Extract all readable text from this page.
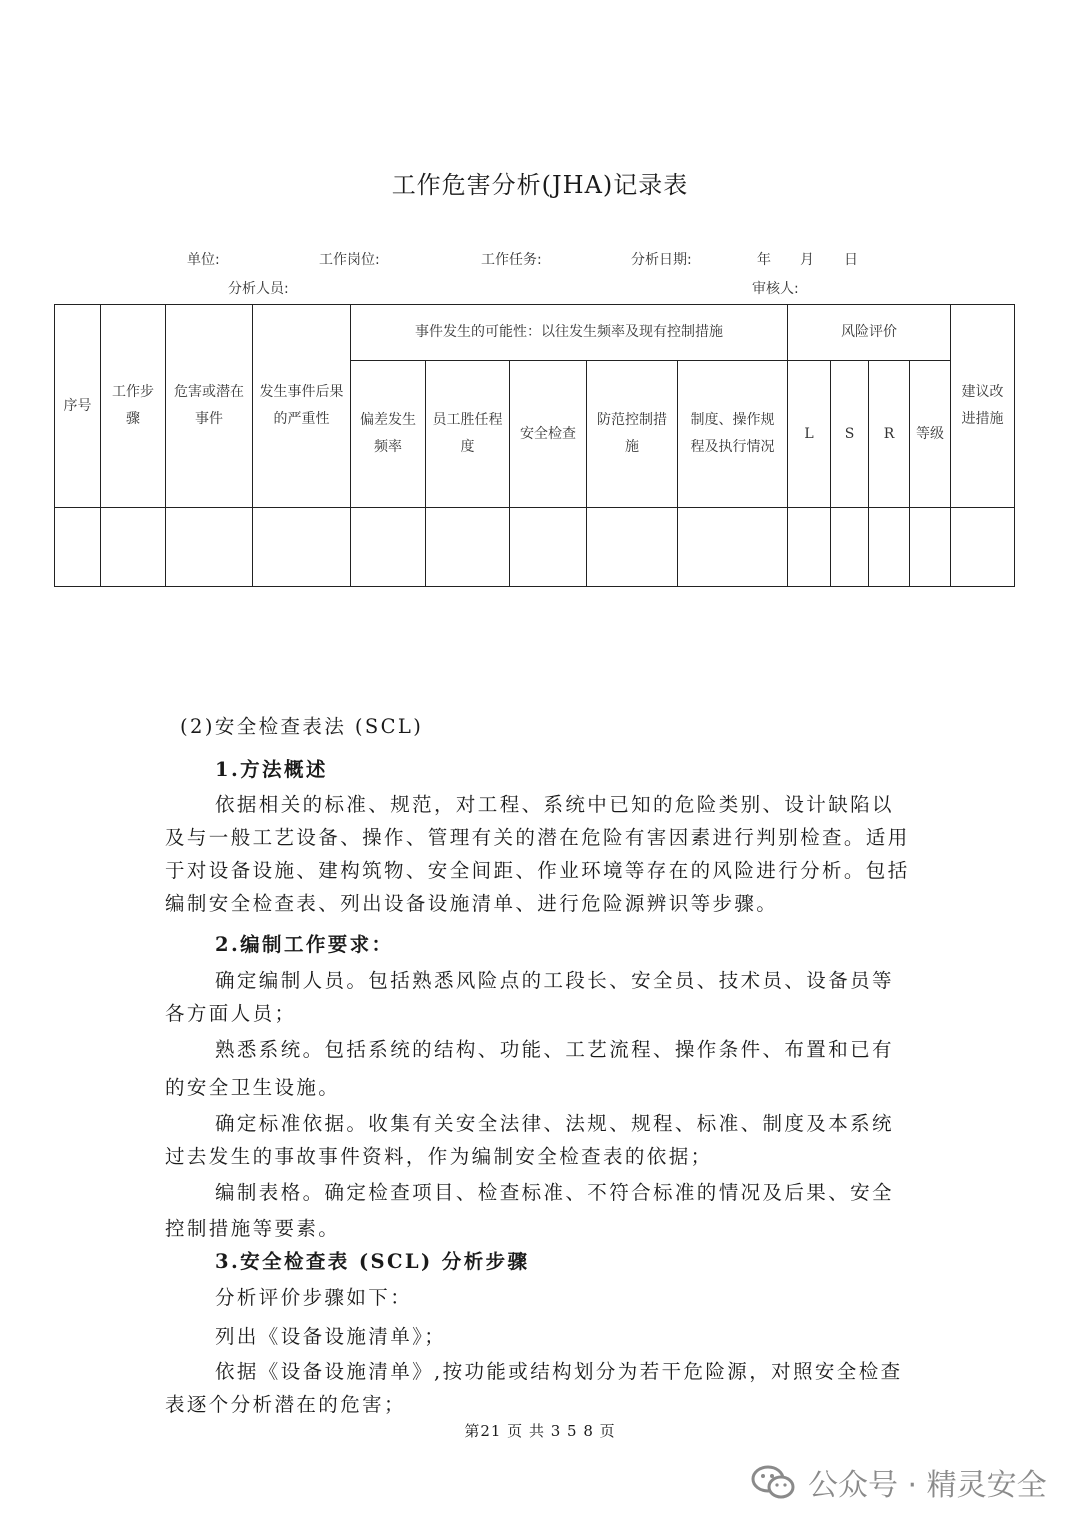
工作危害分析(JHA)记录表
单位:	工作岗位:	工作任务:	分析日期:	年 月 日
分析人员:	审核人:
序号	工作步骤	危害或潜在事件	发生事件后果的严重性	事件发生的可能性：以往发生频率及现有控制措施					风险评价				建议改进措施
				偏差发生频率	员工胜任程度	安全检查	防范控制措施	制度、操作规程及执行情况	L	S	R	等级	

(2)安全检查表法 (SCL)
1.方法概述
依据相关的标准、规范，对工程、系统中已知的危险类别、设计缺陷以及与一般工艺设备、操作、管理有关的潜在危险有害因素进行判别检查。适用于对设备设施、建构筑物、安全间距、作业环境等存在的风险进行分析。包括编制安全检查表、列出设备设施清单、进行危险源辨识等步骤。
2.编制工作要求：
确定编制人员。包括熟悉风险点的工段长、安全员、技术员、设备员等各方面人员；
熟悉系统。包括系统的结构、功能、工艺流程、操作条件、布置和已有的安全卫生设施。
确定标准依据。收集有关安全法律、法规、规程、标准、制度及本系统过去发生的事故事件资料，作为编制安全检查表的依据；
编制表格。确定检查项目、检查标准、不符合标准的情况及后果、安全控制措施等要素。
3.安全检查表 (SCL) 分析步骤
分析评价步骤如下：
列出《设备设施清单》；
依据《设备设施清单》,按功能或结构划分为若干危险源，对照安全检查表逐个分析潜在的危害；
第21 页 共 3 5 8 页
公众号 · 精灵安全
